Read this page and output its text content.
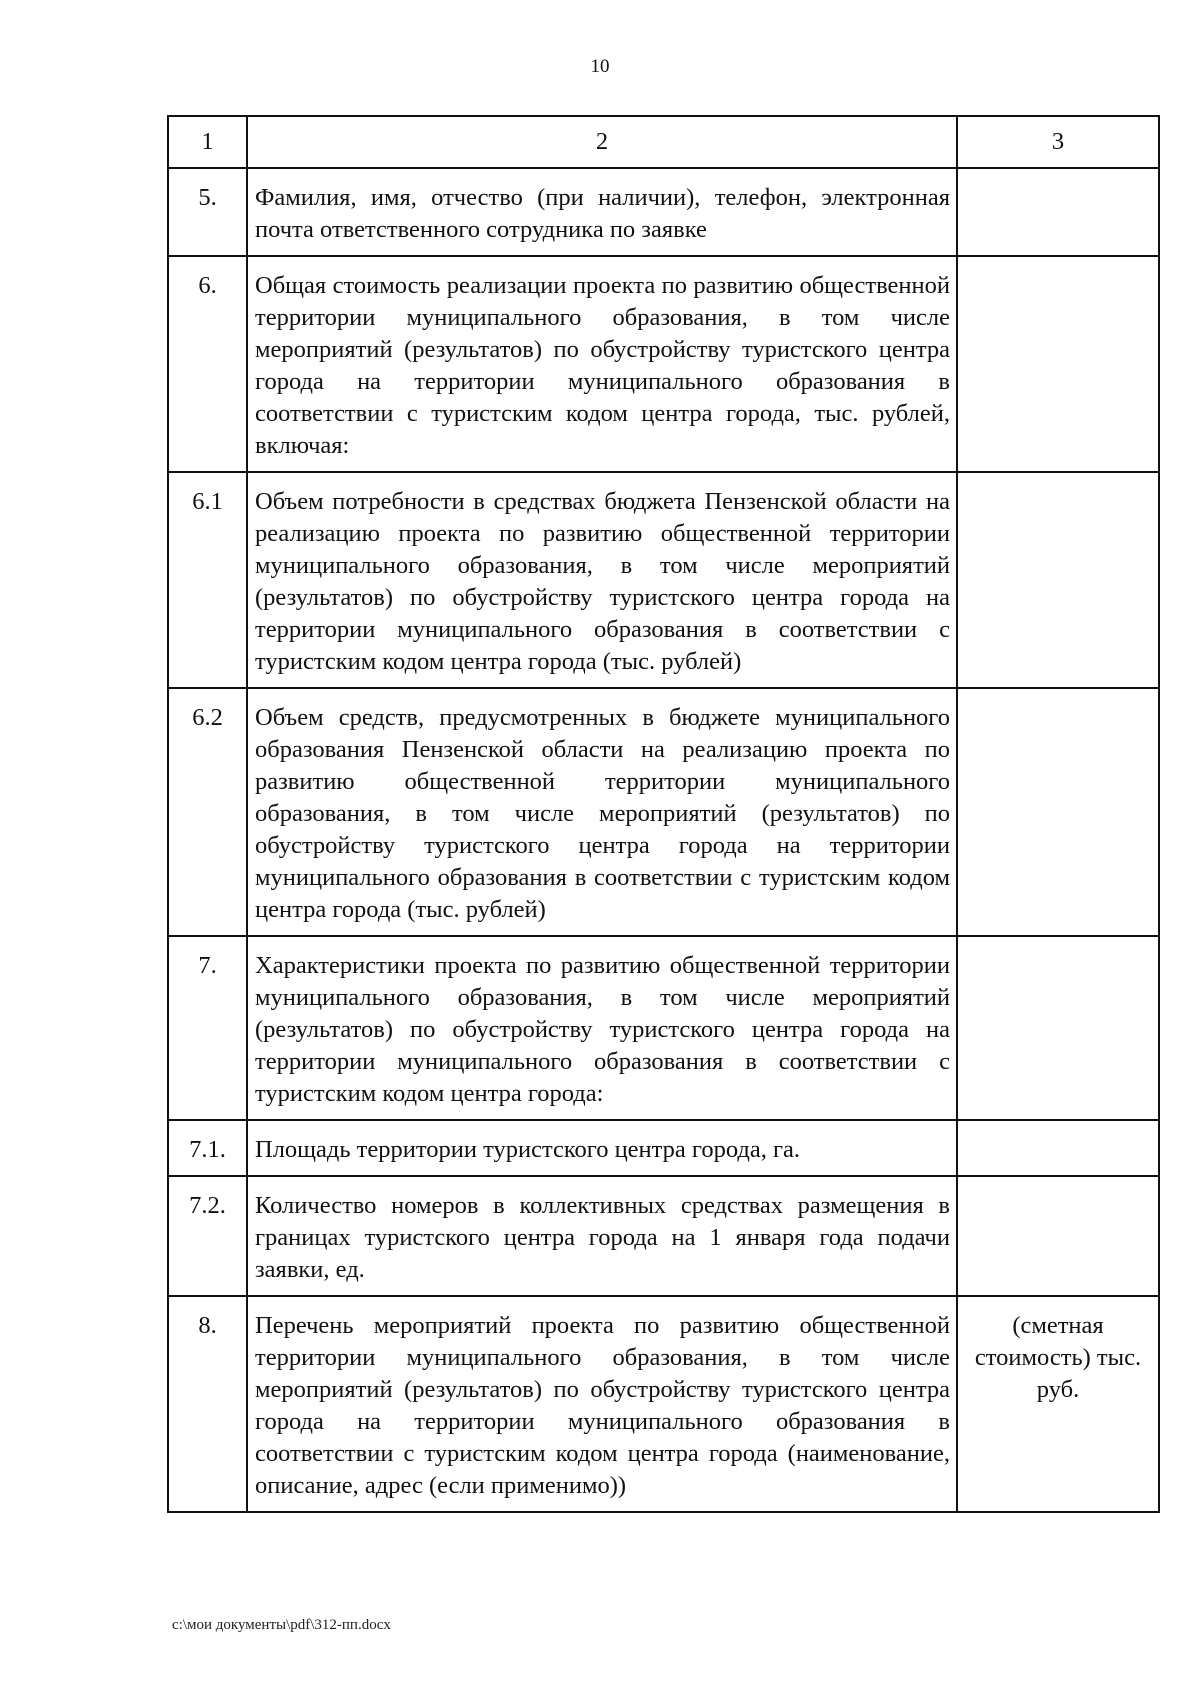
10
1	2	3
5.	Фамилия, имя, отчество (при наличии), телефон, электронная почта ответственного сотрудника по заявке	

6.	Общая стоимость реализации проекта по развитию общественной территории муниципального образования, в том числе мероприятий (результатов) по обустройству туристского центра города на территории муниципального образования в соответствии с туристским кодом центра города, тыс. рублей, включая:	

6.1	Объем потребности в средствах бюджета Пензенской области на реализацию проекта по развитию общественной территории муниципального образования, в том числе мероприятий (результатов) по обустройству туристского центра города на территории муниципального образования в соответствии с туристским кодом центра города (тыс. рублей)	

6.2	Объем средств, предусмотренных в бюджете муниципального образования Пензенской области на реализацию проекта по развитию общественной территории муниципального образования, в том числе мероприятий (результатов) по обустройству туристского центра города на территории муниципального образования в соответствии с туристским кодом центра города (тыс. рублей)	

7.	Характеристики проекта по развитию общественной территории муниципального образования, в том числе мероприятий (результатов) по обустройству туристского центра города на территории муниципального образования в соответствии с туристским кодом центра города:	

7.1.	Площадь территории туристского центра города, га.	

7.2.	Количество номеров в коллективных средствах размещения в границах туристского центра города на 1 января года подачи заявки, ед.	

8.	Перечень мероприятий проекта по развитию общественной территории муниципального образования, в том числе мероприятий (результатов) по обустройству туристского центра города на территории муниципального образования в соответствии с туристским кодом центра города (наименование, описание, адрес (если применимо))	(сметная стоимость) тыс. руб.
c:\мои документы\pdf\312-пп.docx
